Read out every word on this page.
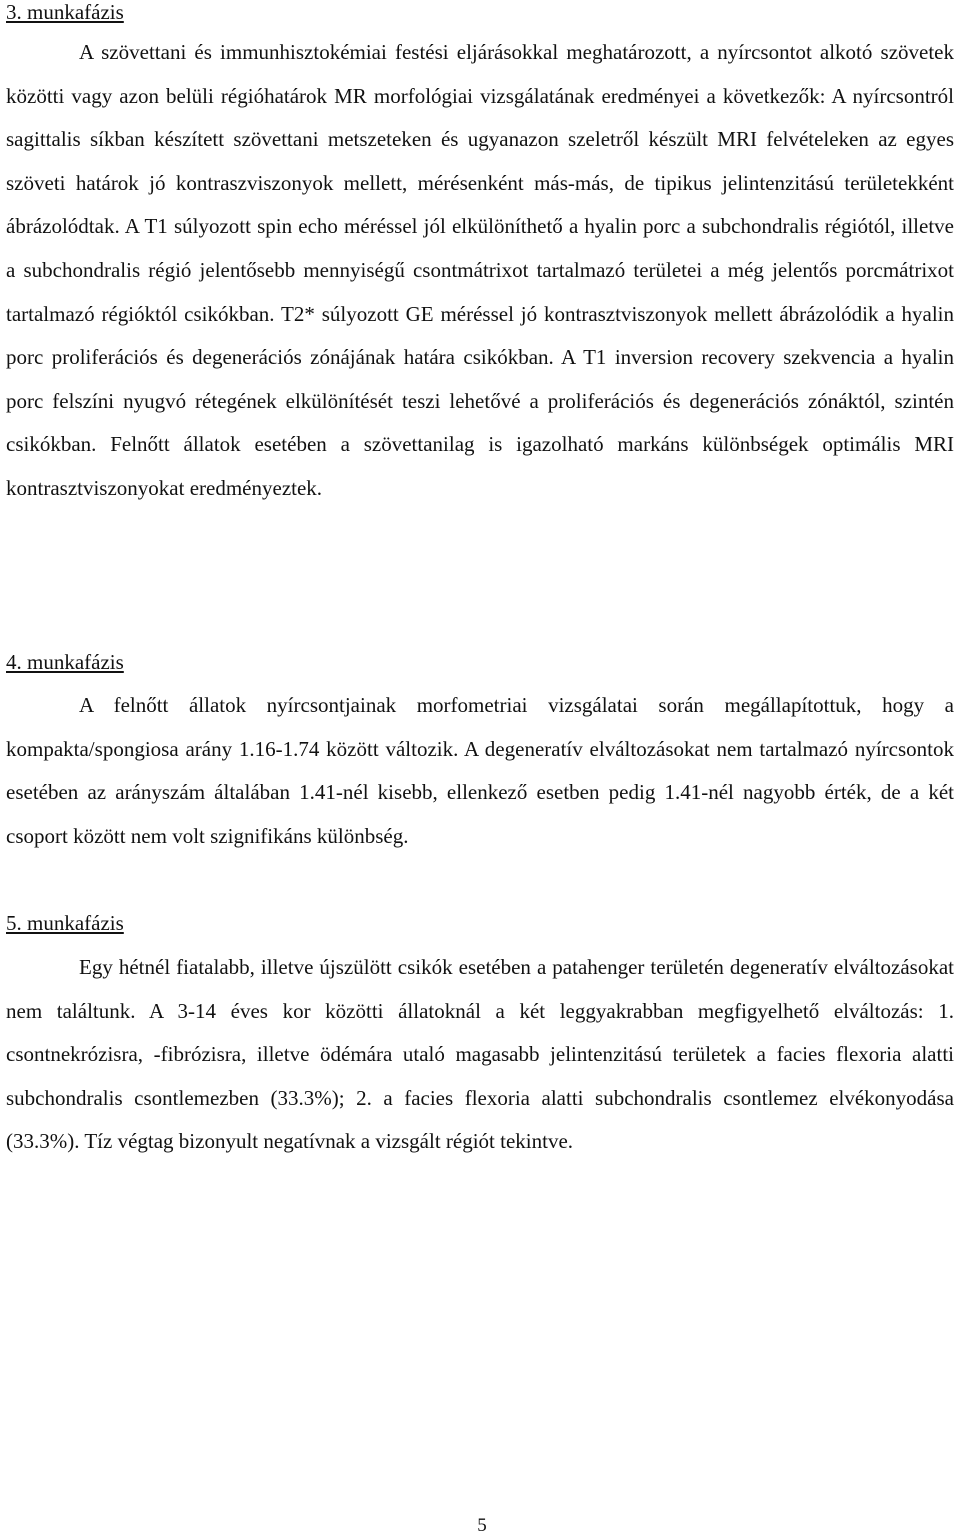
3. munkafázis

A szövettani és immunhisztokémiai festési eljárásokkal meghatározott, a nyírcsontot alkotó szövetek közötti vagy azon belüli régióhatárok MR morfológiai vizsgálatának eredményei a következők: A nyírcsontról sagittalis síkban készített szövettani metszeteken és ugyanazon szeletről készült MRI felvételeken az egyes szöveti határok jó kontraszviszonyok mellett, mérésenként más-más, de tipikus jelintenzitású területekként ábrázolódtak. A T1 súlyozott spin echo méréssel jól elkülöníthető a hyalin porc a subchondralis régiótól, illetve a subchondralis régió jelentősebb mennyiségű csontmátrixot tartalmazó területei a még jelentős porcmátrixot tartalmazó régióktól csikókban. T2* súlyozott GE méréssel jó kontrasztviszonyok mellett ábrázolódik a hyalin porc proliferációs és degenerációs zónájának határa csikókban. A T1 inversion recovery szekvencia a hyalin porc felszíni nyugvó rétegének elkülönítését teszi lehetővé a proliferációs és degenerációs zónáktól, szintén csikókban. Felnőtt állatok esetében a szövettanilag is igazolható markáns különbségek optimális MRI kontrasztviszonyokat eredményeztek.

4. munkafázis

A felnőtt állatok nyírcsontjainak morfometriai vizsgálatai során megállapítottuk, hogy a kompakta/spongiosa arány 1.16-1.74 között változik. A degeneratív elváltozásokat nem tartalmazó nyírcsontok esetében az arányszám általában 1.41-nél kisebb, ellenkező esetben pedig 1.41-nél nagyobb érték, de a két csoport között nem volt szignifikáns különbség.

5. munkafázis

Egy hétnél fiatalabb, illetve újszülött csikók esetében a patahenger területén degeneratív elváltozásokat nem találtunk. A 3-14 éves kor közötti állatoknál a két leggyakrabban megfigyelhető elváltozás: 1. csontnekrózisra, -fibrózisra, illetve ödémára utaló magasabb jelintenzitású területek a facies flexoria alatti subchondralis csontlemezben (33.3%); 2. a facies flexoria alatti subchondralis csontlemez elvékonyodása (33.3%). Tíz végtag bizonyult negatívnak a vizsgált régiót tekintve.

5
